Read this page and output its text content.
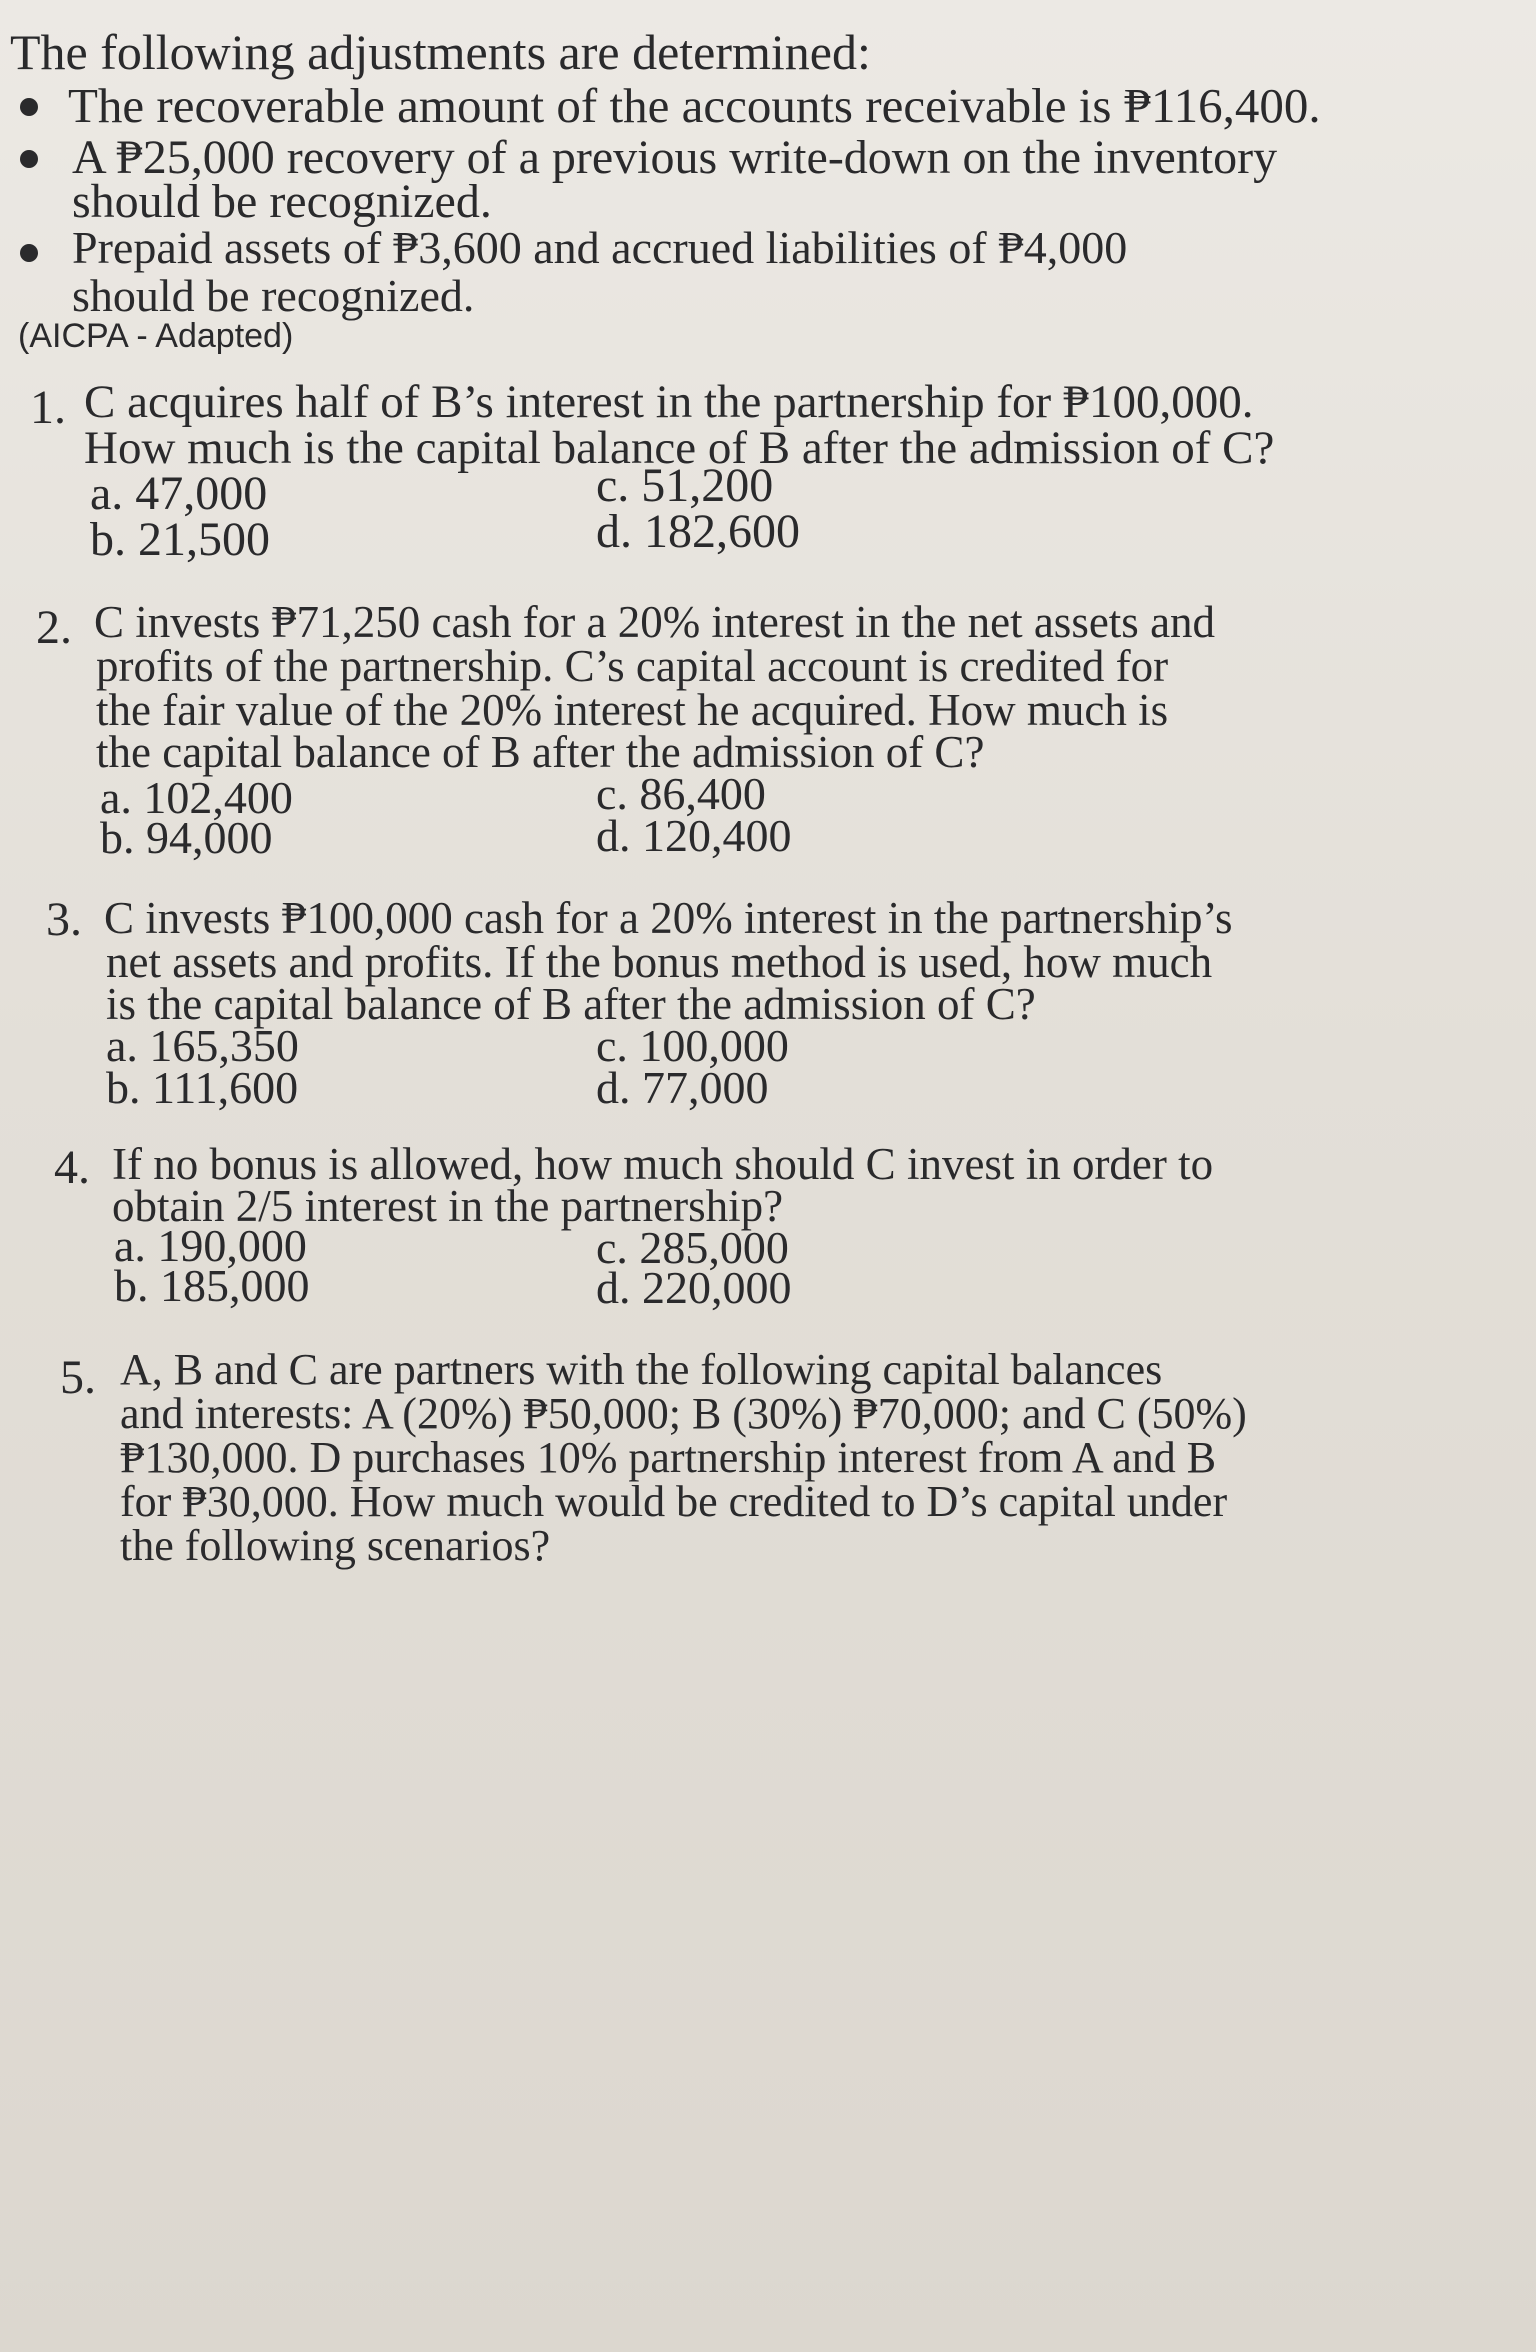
The following adjustments are determined:
The recoverable amount of the accounts receivable is ₱116,400.
A ₱25,000 recovery of a previous write-down on the inventory
should be recognized.
Prepaid assets of ₱3,600 and accrued liabilities of ₱4,000
should be recognized.
(AICPA - Adapted)
1. C acquires half of B’s interest in the partnership for ₱100,000.
How much is the capital balance of B after the admission of C?
a. 47,000	c. 51,200
b. 21,500	d. 182,600
2. C invests ₱71,250 cash for a 20% interest in the net assets and
profits of the partnership. C’s capital account is credited for
the fair value of the 20% interest he acquired. How much is
the capital balance of B after the admission of C?
a. 102,400	c. 86,400
b. 94,000	d. 120,400
3. C invests ₱100,000 cash for a 20% interest in the partnership’s
net assets and profits. If the bonus method is used, how much
is the capital balance of B after the admission of C?
a. 165,350	c. 100,000
b. 111,600	d. 77,000
4. If no bonus is allowed, how much should C invest in order to
obtain 2/5 interest in the partnership?
a. 190,000	c. 285,000
b. 185,000	d. 220,000
5. A, B and C are partners with the following capital balances
and interests: A (20%) ₱50,000; B (30%) ₱70,000; and C (50%)
₱130,000. D purchases 10% partnership interest from A and B
for ₱30,000. How much would be credited to D’s capital under
the following scenarios?
